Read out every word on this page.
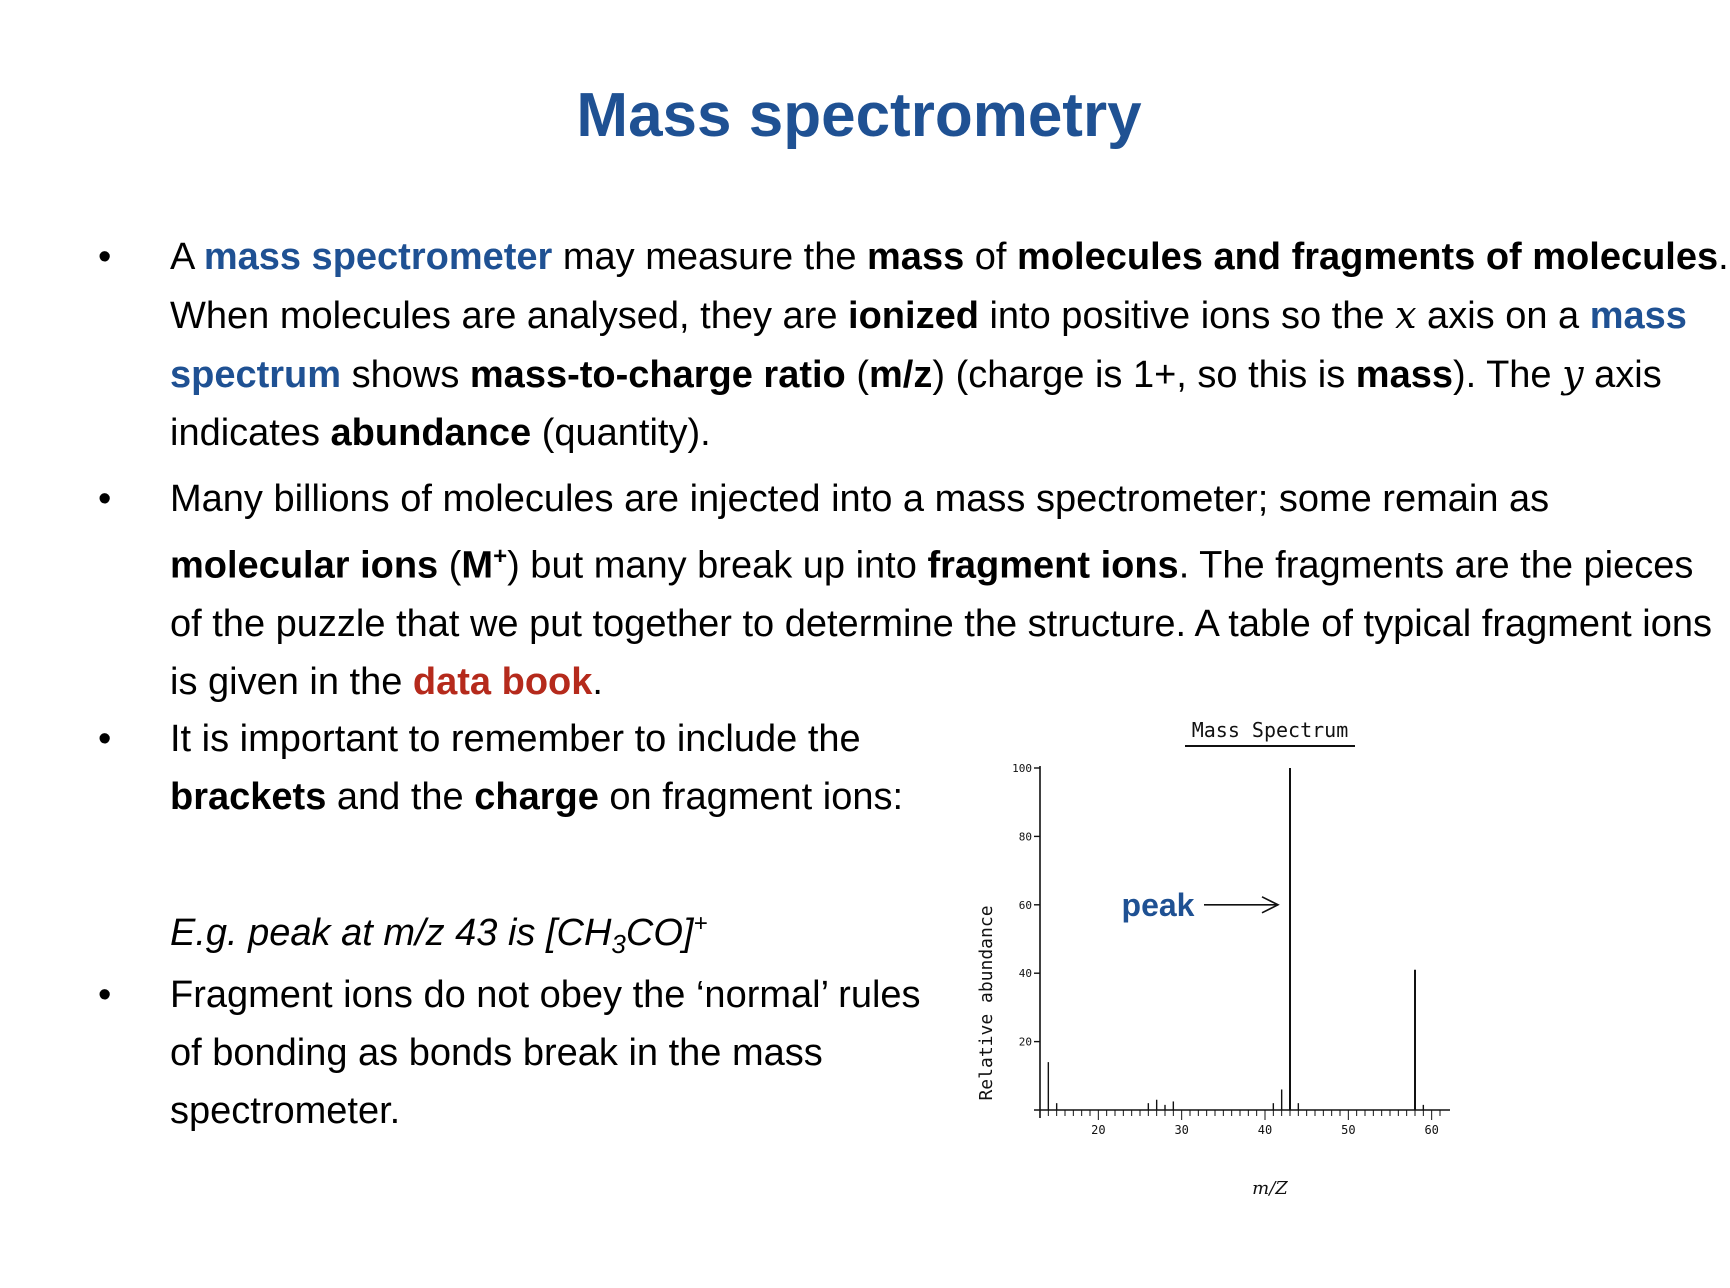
Mass spectrometry
•	A mass spectrometer may measure the mass of molecules and fragments of molecules. When molecules are analysed, they are ionized into positive ions so the x axis on a mass spectrum shows mass-to-charge ratio (m/z) (charge is 1+, so this is mass). The y axis indicates abundance (quantity).
•	Many billions of molecules are injected into a mass spectrometer; some remain as molecular ions (M+) but many break up into fragment ions. The fragments are the pieces of the puzzle that we put together to determine the structure. A table of typical fragment ions is given in the data book.
•	It is important to remember to include the brackets and the charge on fragment ions:
E.g. peak at m/z 43 is $[CH_3CO]^+$
•	Fragment ions do not obey the ‘normal’ rules of bonding as bonds break in the mass spectrometer.
Mass Spectrum
Relative abundance
m/Z
20
40
60
80
100
20	30	40	50	60
peak
